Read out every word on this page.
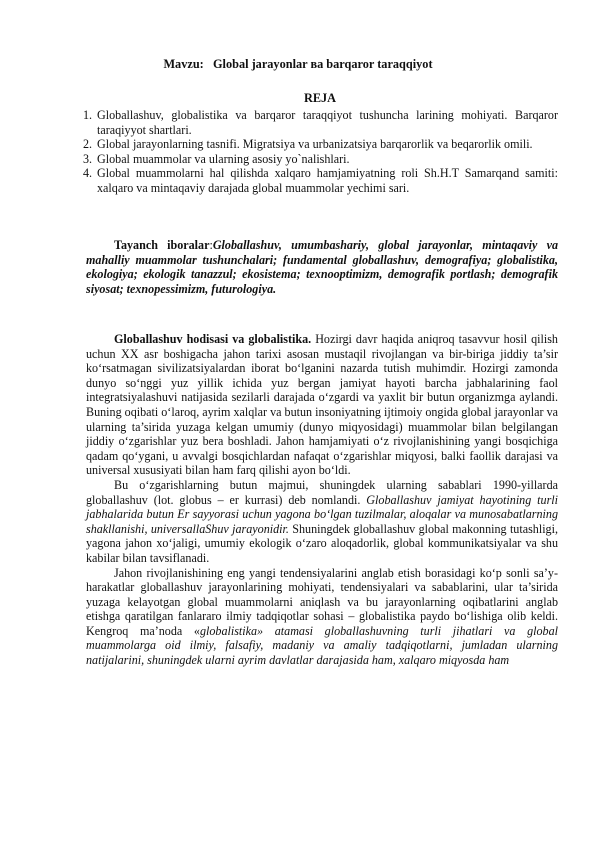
Mavzu:   Global jarayonlar ва barqaror taraqqiyot
REJA
1. Globallashuv, globalistika va barqaror taraqqiyot tushuncha larining mohiyati. Barqaror taraqiyyot shartlari.
2. Global jarayonlarning tasnifi. Migratsiya va urbanizatsiya barqarorlik va beqarorlik omili.
3. Global muammolar va ularning asosiy yo`nalishlari.
4. Global muammolarni hal qilishda xalqaro hamjamiyatning roli Sh.H.T Samarqand samiti: xalqaro va mintaqaviy darajada global muammolar yechimi sari.
Tayanch iboralar:Globallashuv, umumbashariy, global jarayonlar, mintaqaviy va mahalliy muammolar tushunchalari; fundamental globallashuv, demografiya; globalistika, ekologiya; ekologik tanazzul; ekosistema; texnooptimizm, demografik portlash; demografik siyosat; texnopessimizm, futurologiya.

Globallashuv hodisasi va globalistika. Hozirgi davr haqida aniqroq tasavvur hosil qilish uchun XX asr boshigacha jahon tarixi asosan mustaqil rivojlangan va bir-biriga jiddiy ta’sir ko‘rsatmagan sivilizatsiyalardan iborat bo‘lganini nazarda tutish muhimdir. Hozirgi zamonda dunyo so‘nggi yuz yillik ichida yuz bergan jamiyat hayoti barcha jabhalarining faol integratsiyalashuvi natijasida sezilarli darajada o‘zgardi va yaxlit bir butun organizmga aylandi. Buning oqibati o‘laroq, ayrim xalqlar va butun insoniyatning ijtimoiy ongida global jarayonlar va ularning ta’sirida yuzaga kelgan umumiy (dunyo miqyosidagi) muammolar bilan belgilangan jiddiy o‘zgarishlar yuz bera boshladi. Jahon hamjamiyati o‘z rivojlanishining yangi bosqichiga qadam qo‘ygani, u avvalgi bosqichlardan nafaqat o‘zgarishlar miqyosi, balki faollik darajasi va universal xususiyati bilan ham farq qilishi ayon bo‘ldi.

Bu o‘zgarishlarning butun majmui, shuningdek ularning sabablari 1990-yillarda globallashuv (lot. globus – er kurrasi) deb nomlandi. Globallashuv jamiyat hayotining turli jabhalarida butun Er sayyorasi uchun yagona bo‘lgan tuzilmalar, aloqalar va munosabatlarning shakllanishi, universallaShuv jarayonidir. Shuningdek globallashuv global makonning tutashligi, yagona jahon xo‘jaligi, umumiy ekologik o‘zaro aloqadorlik, global kommunikatsiyalar va shu kabilar bilan tavsiflanadi.

Jahon rivojlanishining eng yangi tendensiyalarini anglab etish borasidagi ko‘p sonli sa’y-harakatlar globallashuv jarayonlarining mohiyati, tendensiyalari va sabablarini, ular ta’sirida yuzaga kelayotgan global muammolarni aniqlash va bu jarayonlarning oqibatlarini anglab etishga qaratilgan fanlararo ilmiy tadqiqotlar sohasi – globalistika paydo bo‘lishiga olib keldi. Kengroq ma’noda «globalistika» atamasi globallashuvning turli jihatlari va global muammolarga oid ilmiy, falsafiy, madaniy va amaliy tadqiqotlarni, jumladan ularning natijalarini, shuningdek ularni ayrim davlatlar darajasida ham, xalqaro miqyosda ham
